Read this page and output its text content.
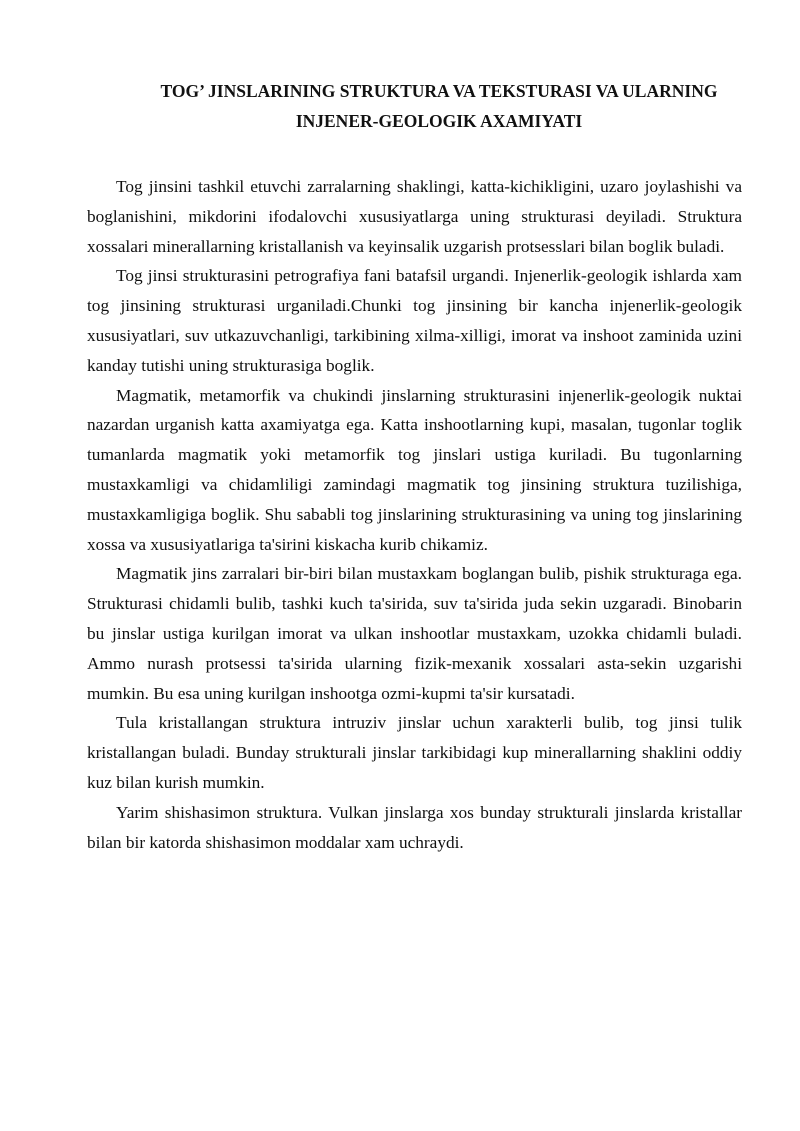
TOG’ JINSLARINING STRUKTURA VA TEKSTURASI VA ULARNING
INJENER-GEOLOGIK AXAMIYATI

Tog jinsini tashkil etuvchi zarralarning shaklingi, katta-kichikligini, uzaro joylashishi va boglanishini, mikdorini ifodalovchi xususiyatlarga uning strukturasi deyiladi. Struktura xossalari minerallarning kristallanish va keyinsalik uzgarish protsesslari bilan boglik buladi.

Tog jinsi strukturasini petrografiya fani batafsil urgandi. Injenerlik-geologik ishlarda xam tog jinsining strukturasi urganiladi.Chunki tog jinsining bir kancha injenerlik-geologik xususiyatlari, suv utkazuvchanligi, tarkibining xilma-xilligi, imorat va inshoot zaminida uzini kanday tutishi uning strukturasiga boglik.

Magmatik, metamorfik va chukindi jinslarning strukturasini injenerlik-geologik nuktai nazardan urganish katta axamiyatga ega. Katta inshootlarning kupi, masalan, tugonlar toglik tumanlarda magmatik yoki metamorfik tog jinslari ustiga kuriladi. Bu tugonlarning mustaxkamligi va chidamliligi zamindagi magmatik tog jinsining struktura tuzilishiga, mustaxkamligiga boglik. Shu sababli tog jinslarining strukturasining va uning tog jinslarining xossa va xususiyatlariga ta'sirini kiskacha kurib chikamiz.

Magmatik jins zarralari bir-biri bilan mustaxkam boglangan bulib, pishik strukturaga ega. Strukturasi chidamli bulib, tashki kuch ta'sirida, suv ta'sirida juda sekin uzgaradi. Binobarin bu jinslar ustiga kurilgan imorat va ulkan inshootlar mustaxkam, uzokka chidamli buladi. Ammo nurash protsessi ta'sirida ularning fizik-mexanik xossalari asta-sekin uzgarishi mumkin. Bu esa uning kurilgan inshootga ozmi-kupmi ta'sir kursatadi.

Tula kristallangan struktura intruziv jinslar uchun xarakterli bulib, tog jinsi tulik kristallangan buladi. Bunday strukturali jinslar tarkibidagi kup minerallarning shaklini oddiy kuz bilan kurish mumkin.

Yarim shishasimon struktura. Vulkan jinslarga xos bunday strukturali jinslarda kristallar bilan bir katorda shishasimon moddalar xam uchraydi.
